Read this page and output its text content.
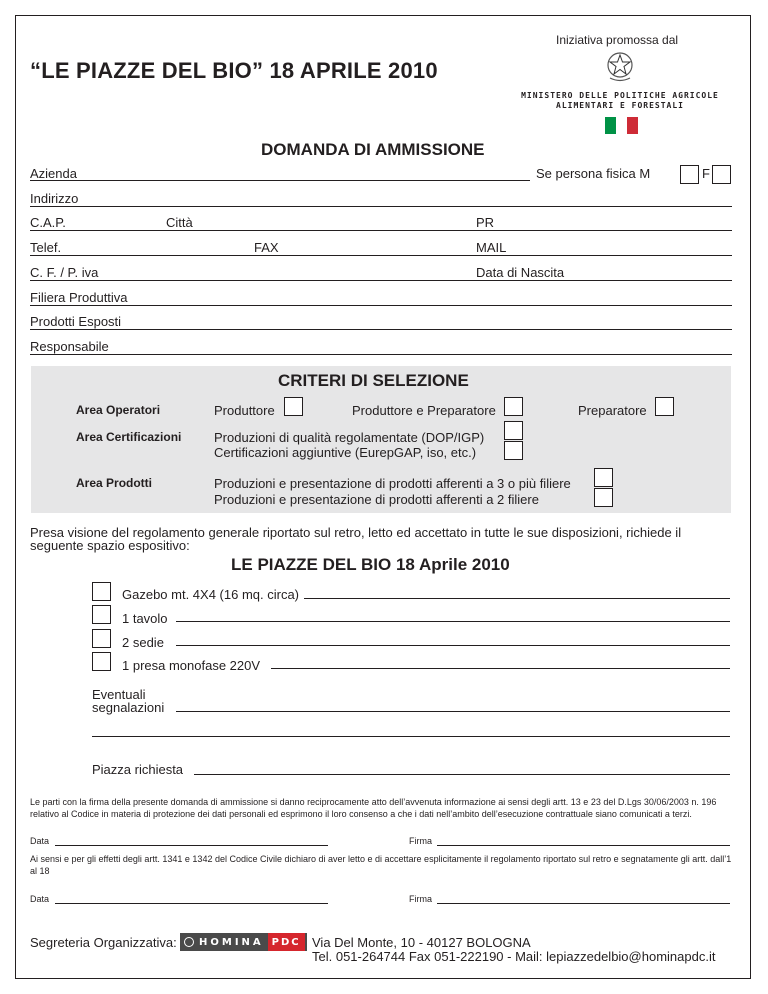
Iniziativa promossa dal
“LE PIAZZE DEL BIO” 18 APRILE 2010
MINISTERO DELLE POLITICHE AGRICOLE
ALIMENTARI E FORESTALI
DOMANDA DI AMMISSIONE
Azienda	Se persona fisica M	F
Indirizzo
C.A.P.	Città	PR
Telef.	FAX	MAIL
C. F. / P. iva	Data di Nascita
Filiera Produttiva
Prodotti Esposti
Responsabile
CRITERI DI SELEZIONE
Area Operatori	Produttore	Produttore e Preparatore	Preparatore
Area Certificazioni	Produzioni di qualità regolamentate (DOP/IGP)
Certificazioni aggiuntive (EurepGAP, iso, etc.)
Area Prodotti	Produzioni e presentazione di prodotti afferenti a 3 o più filiere
Produzioni e presentazione di prodotti afferenti a 2 filiere
Presa visione del regolamento generale riportato sul retro, letto ed accettato in tutte le sue disposizioni, richiede il seguente spazio espositivo:
LE PIAZZE DEL BIO 18 Aprile 2010
Gazebo mt. 4X4 (16 mq. circa)
1 tavolo
2 sedie
1 presa monofase 220V
Eventuali
segnalazioni
Piazza richiesta
Le parti con la firma della presente domanda di ammissione si danno reciprocamente atto dell’avvenuta informazione ai sensi degli artt. 13 e 23 del D.Lgs 30/06/2003 n. 196 relativo al Codice in materia di protezione dei dati personali ed esprimono il loro consenso a che i dati nell’ambito dell’esecuzione contrattuale siano comunicati a terzi.
Data	Firma
Ai sensi e per gli effetti degli artt. 1341 e 1342 del Codice Civile dichiaro di aver letto e di accettare esplicitamente il regolamento riportato sul retro e segnatamente gli artt. dall’1 al 18
Data	Firma
Segreteria Organizzativa: HOMINA PDC Via Del Monte, 10 - 40127 BOLOGNA
Tel. 051-264744 Fax 051-222190 - Mail: lepiazzedelbio@hominapdc.it
